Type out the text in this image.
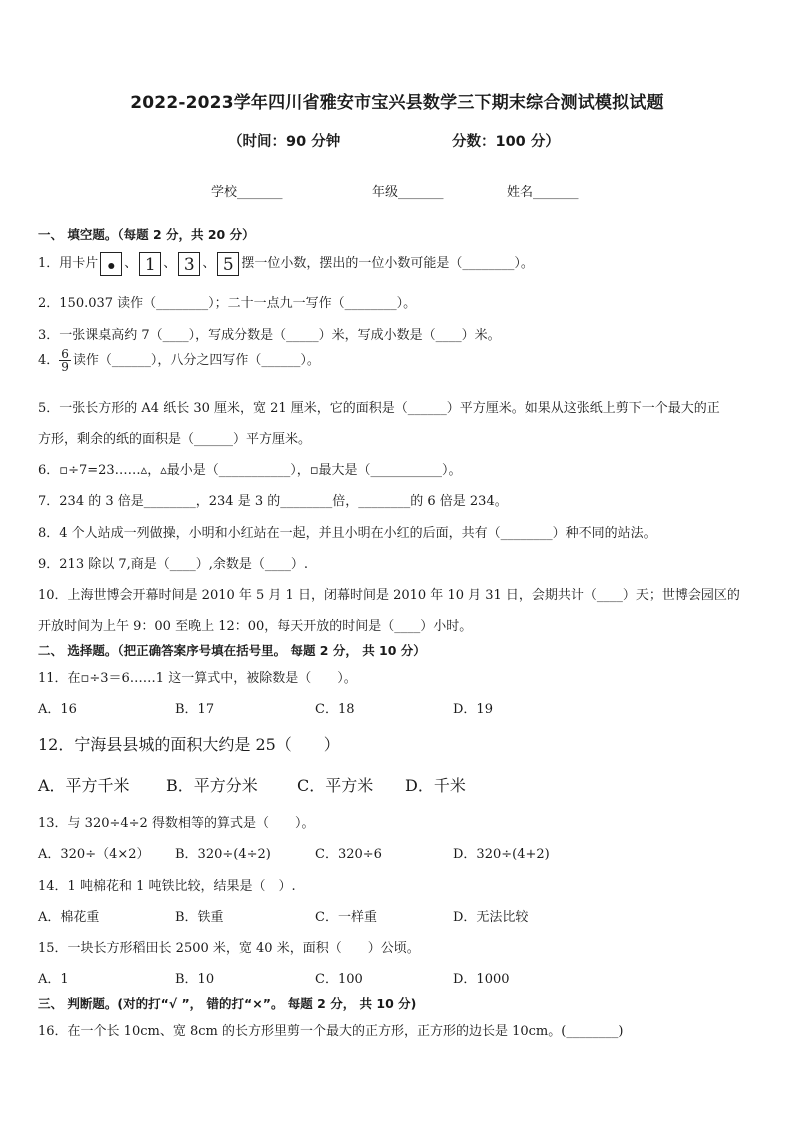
2022-2023学年四川省雅安市宝兴县数学三下期末综合测试模拟试题
（时间：90 分钟	分数：100 分）
学校_______	年级_______	姓名_______
一、 填空题。（每题 2 分，共 20 分）
1．用卡片 • 、 1 、 3 、 5 摆一位小数，摆出的一位小数可能是（________）。
2．150.037 读作（________）；二十一点九一写作（________）。
3．一张课桌高约 7（____），写成分数是（_____）米，写成小数是（____）米。
4． $\frac{6}{9}$ 读作（______），八分之四写作（______）。
5．一张长方形的 A4 纸长 30 厘米，宽 21 厘米，它的面积是（______）平方厘米。如果从这张纸上剪下一个最大的正
方形，剩余的纸的面积是（______）平方厘米。
6．▫÷7=23……▵，▵最小是（___________），▫最大是（___________）。
7．234 的 3 倍是________，234 是 3 的________倍，________的 6 倍是 234。
8．4 个人站成一列做操，小明和小红站在一起，并且小明在小红的后面，共有（________）种不同的站法。
9．213 除以 7,商是（____）,余数是（____）.
10．上海世博会开幕时间是 2010 年 5 月 1 日，闭幕时间是 2010 年 10 月 31 日，会期共计（____）天；世博会园区的
开放时间为上午 9：00 至晚上 12：00，每天开放的时间是（____）小时。
二、 选择题。（把正确答案序号填在括号里。 每题 2 分， 共 10 分）
11．在▫÷3＝6……1 这一算式中，被除数是（　　）。
A．16	B．17	C．18	D．19
12．宁海县县城的面积大约是 25（　　）
A．平方千米 B．平方分米 C．平方米 D．千米
13．与 320÷4÷2 得数相等的算式是（　　）。
A．320÷（4×2） B．320÷(4÷2)	C．320÷6	D．320÷(4+2)
14．1 吨棉花和 1 吨铁比较，结果是（　）.
A．棉花重	B．铁重	C．一样重	D．无法比较
15．一块长方形稻田长 2500 米，宽 40 米，面积（　　）公顷。
A．1	B．10	C．100	D．1000
三、 判断题。(对的打“√ ”， 错的打“×”。 每题 2 分， 共 10 分)
16．在一个长 10cm、宽 8cm 的长方形里剪一个最大的正方形，正方形的边长是 10cm。(________)
